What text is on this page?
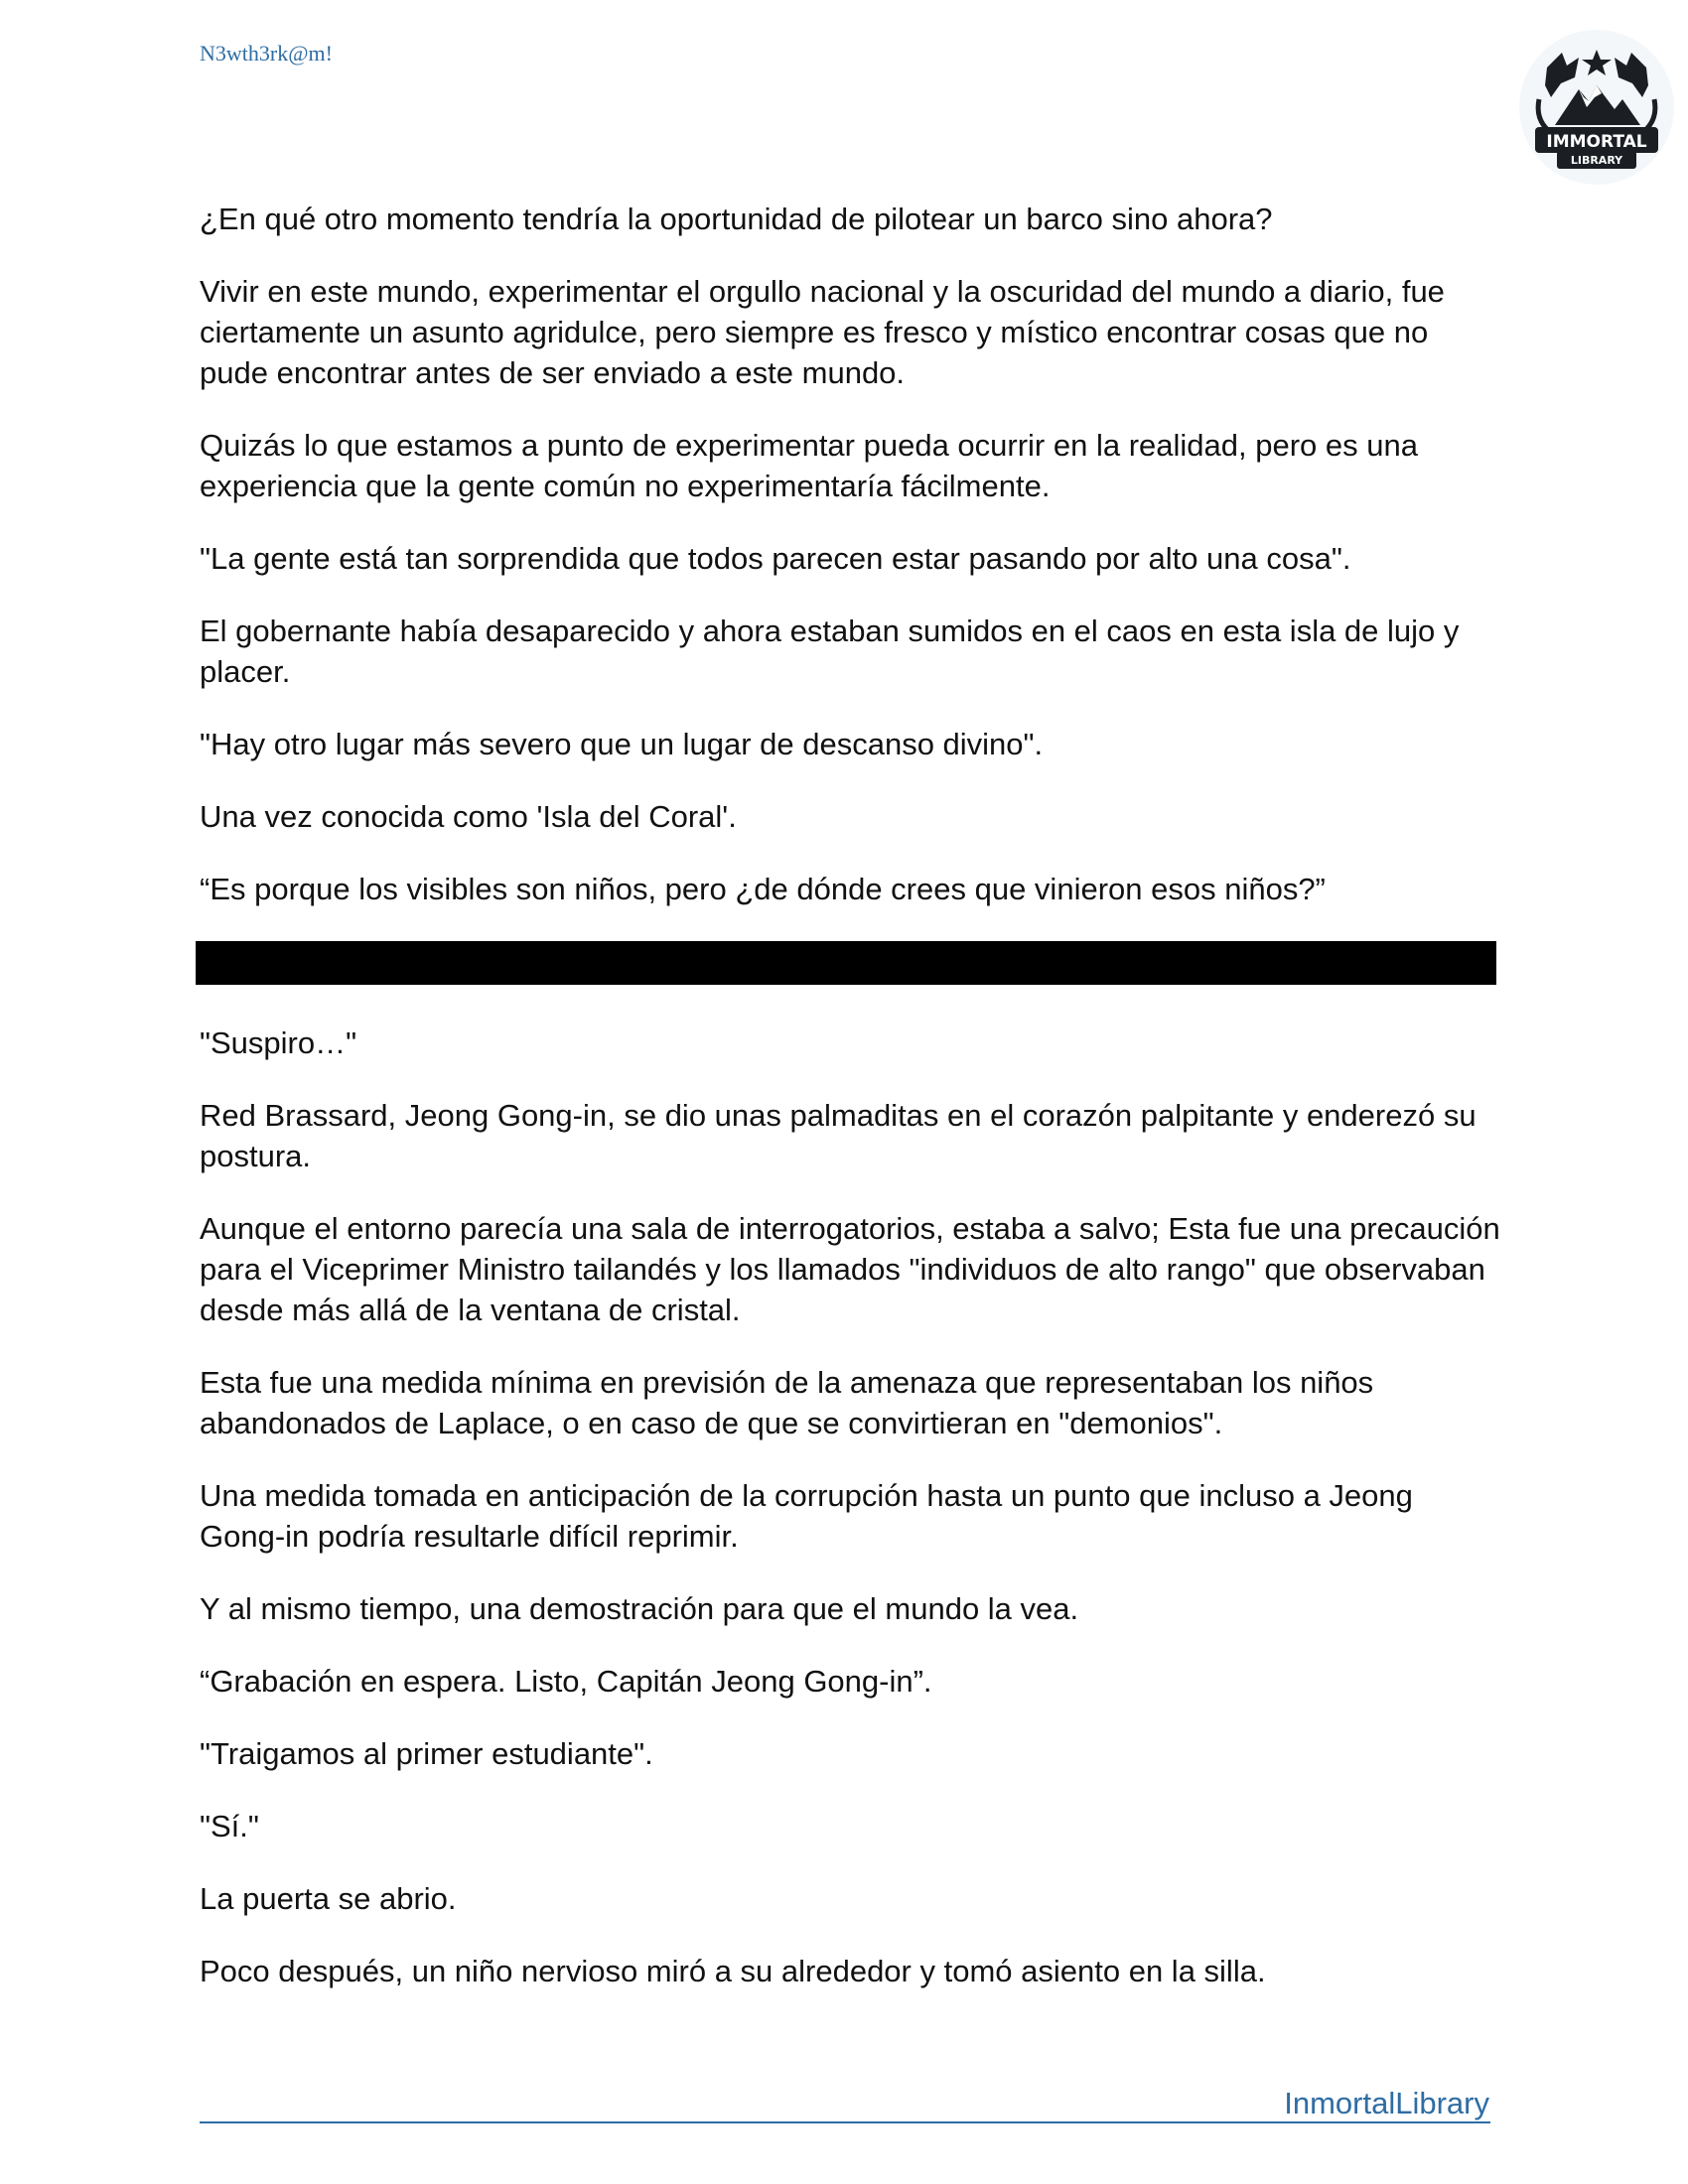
N3wth3rk@m!
IMMORTAL
LIBRARY

¿En qué otro momento tendría la oportunidad de pilotear un barco sino ahora?

Vivir en este mundo, experimentar el orgullo nacional y la oscuridad del mundo a diario, fue ciertamente un asunto agridulce, pero siempre es fresco y místico encontrar cosas que no pude encontrar antes de ser enviado a este mundo.

Quizás lo que estamos a punto de experimentar pueda ocurrir en la realidad, pero es una experiencia que la gente común no experimentaría fácilmente.

"La gente está tan sorprendida que todos parecen estar pasando por alto una cosa".

El gobernante había desaparecido y ahora estaban sumidos en el caos en esta isla de lujo y placer.

"Hay otro lugar más severo que un lugar de descanso divino".

Una vez conocida como 'Isla del Coral'.

“Es porque los visibles son niños, pero ¿de dónde crees que vinieron esos niños?”

"Suspiro…"

Red Brassard, Jeong Gong-in, se dio unas palmaditas en el corazón palpitante y enderezó su postura.

Aunque el entorno parecía una sala de interrogatorios, estaba a salvo; Esta fue una precaución para el Viceprimer Ministro tailandés y los llamados "individuos de alto rango" que observaban desde más allá de la ventana de cristal.

Esta fue una medida mínima en previsión de la amenaza que representaban los niños abandonados de Laplace, o en caso de que se convirtieran en "demonios".

Una medida tomada en anticipación de la corrupción hasta un punto que incluso a Jeong Gong-in podría resultarle difícil reprimir.

Y al mismo tiempo, una demostración para que el mundo la vea.

“Grabación en espera. Listo, Capitán Jeong Gong-in”.

"Traigamos al primer estudiante".

"Sí."

La puerta se abrio.

Poco después, un niño nervioso miró a su alrededor y tomó asiento en la silla.

InmortalLibrary
